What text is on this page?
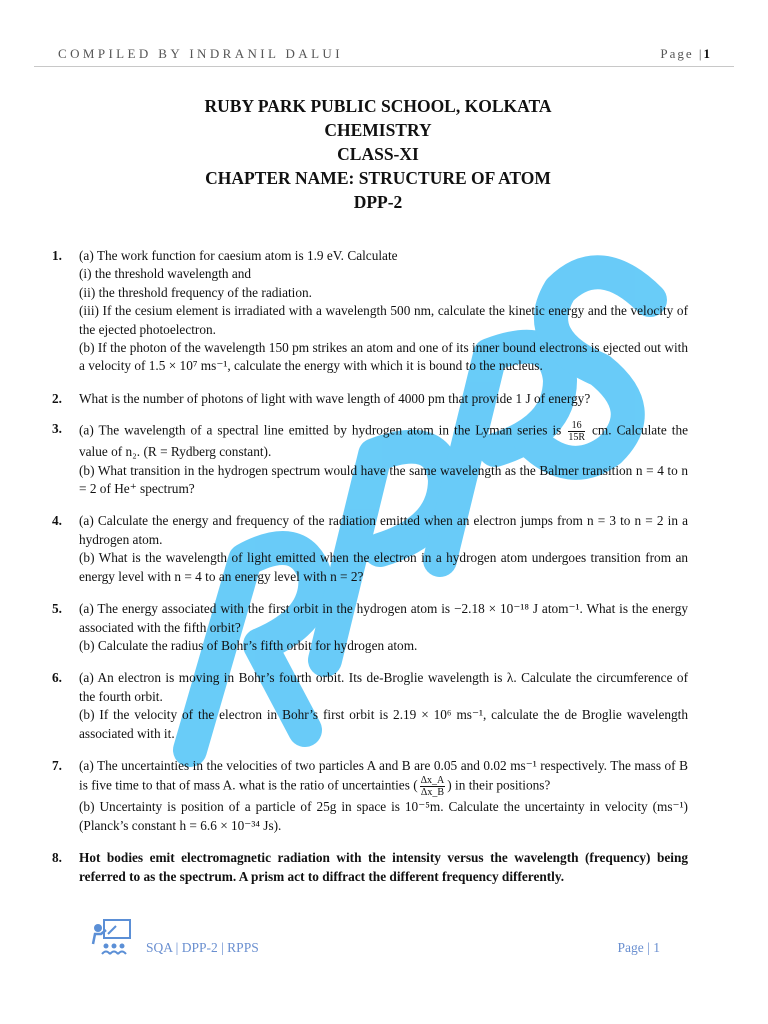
COMPILED BY INDRANIL DALUI	Page |1
RUBY PARK PUBLIC SCHOOL, KOLKATA
CHEMISTRY
CLASS-XI
CHAPTER NAME: STRUCTURE OF ATOM
DPP-2
1. (a) The work function for caesium atom is 1.9 eV. Calculate

(i) the threshold wavelength and

(ii) the threshold frequency of the radiation.

(iii) If the cesium element is irradiated with a wavelength 500 nm, calculate the kinetic energy and the velocity of the ejected photoelectron.

(b) If the photon of the wavelength 150 pm strikes an atom and one of its inner bound electrons is ejected out with a velocity of 1.5 × 10⁷ ms⁻¹, calculate the energy with which it is bound to the nucleus.

2. What is the number of photons of light with wave length of 4000 pm that provide 1 J of energy?

3. (a) The wavelength of a spectral line emitted by hydrogen atom in the Lyman series is $\frac{16}{15R}$ cm. Calculate the value of n₂. (R = Rydberg constant).

(b) What transition in the hydrogen spectrum would have the same wavelength as the Balmer transition n = 4 to n = 2 of He⁺ spectrum?

4. (a) Calculate the energy and frequency of the radiation emitted when an electron jumps from n = 3 to n = 2 in a hydrogen atom.

(b) What is the wavelength of light emitted when the electron in a hydrogen atom undergoes transition from an energy level with n = 4 to an energy level with n = 2?

5. (a) The energy associated with the first orbit in the hydrogen atom is −2.18 × 10⁻¹⁸ J atom⁻¹. What is the energy associated with the fifth orbit?

(b) Calculate the radius of Bohr’s fifth orbit for hydrogen atom.

6. (a) An electron is moving in Bohr’s fourth orbit. Its de-Broglie wavelength is λ. Calculate the circumference of the fourth orbit.

(b) If the velocity of the electron in Bohr’s first orbit is 2.19 × 10⁶ ms⁻¹, calculate the de Broglie wavelength associated with it.

7. (a) The uncertainties in the velocities of two particles A and B are 0.05 and 0.02 ms⁻¹ respectively. The mass of B is five time to that of mass A. what is the ratio of uncertainties ( $\frac{\Delta x\_A}{\Delta x\_B}$ ) in their positions?

(b) Uncertainty is position of a particle of 25g in space is 10⁻⁵m. Calculate the uncertainty in velocity (ms⁻¹) (Planck’s constant h = 6.6 × 10⁻³⁴ Js).

8. Hot bodies emit electromagnetic radiation with the intensity versus the wavelength (frequency) being referred to as the spectrum. A prism act to diffract the different frequency differently.

SQA | DPP-2 | RPPS	Page | 1
